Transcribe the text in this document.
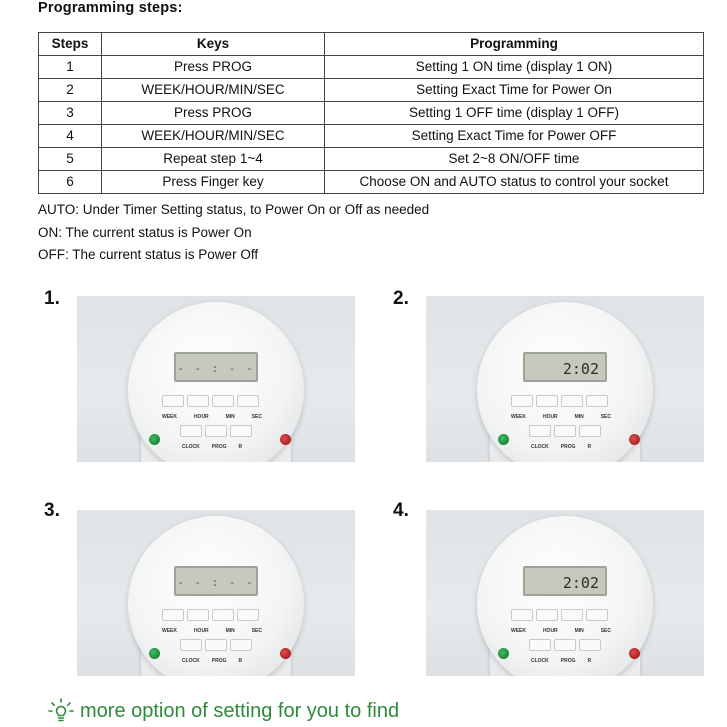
Programming steps:
Steps	Keys	Programming
1	Press PROG	Setting 1 ON time (display 1 ON)
2	WEEK/HOUR/MIN/SEC	Setting Exact Time for Power On
3	Press PROG	Setting 1 OFF time (display 1 OFF)
4	WEEK/HOUR/MIN/SEC	Setting Exact Time for Power OFF
5	Repeat step 1~4	Set 2~8 ON/OFF time
6	Press Finger key	Choose ON and AUTO status to control your socket
AUTO: Under Timer Setting status, to Power On or Off as needed
ON: The current status is Power On
OFF: The current status is Power Off
1.
- - : - -
WEEK	HOUR	MIN	SEC
CLOCK PROG R
2.
2:02
WEEK	HOUR	MIN	SEC
CLOCK PROG R
3.
- - : - -
WEEK	HOUR	MIN	SEC
CLOCK PROG R
4.
2:02
WEEK	HOUR	MIN	SEC
CLOCK PROG R
more option of setting for you to find
